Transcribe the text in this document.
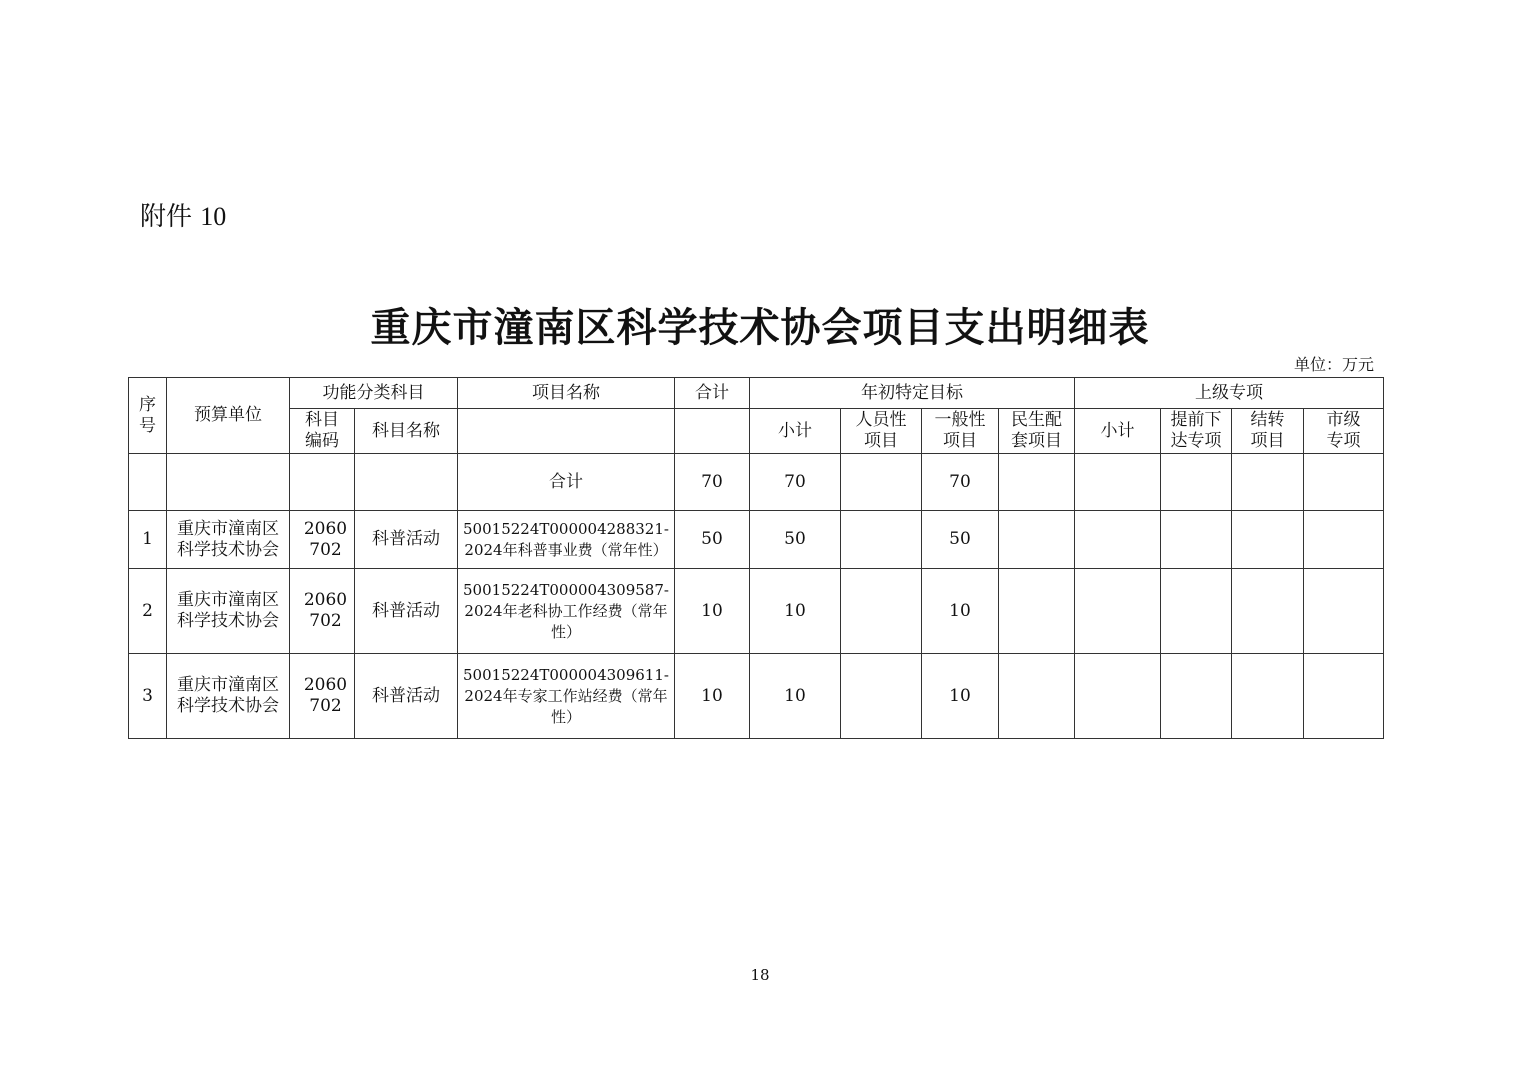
附件 10
重庆市潼南区科学技术协会项目支出明细表
单位：万元
序号	预算单位	功能分类科目		项目名称	合计	年初特定目标				上级专项			
		科目编码	科目名称			小计	人员性项目	一般性项目	民生配套项目	小计	提前下达专项	结转项目	市级专项
				合计	70	70		70					
1	重庆市潼南区科学技术协会	2060702	科普活动	50015224T000004288321-2024年科普事业费（常年性）	50	50		50					
2	重庆市潼南区科学技术协会	2060702	科普活动	50015224T000004309587-2024年老科协工作经费（常年性）	10	10		10					
3	重庆市潼南区科学技术协会	2060702	科普活动	50015224T000004309611-2024年专家工作站经费（常年性）	10	10		10					
18
